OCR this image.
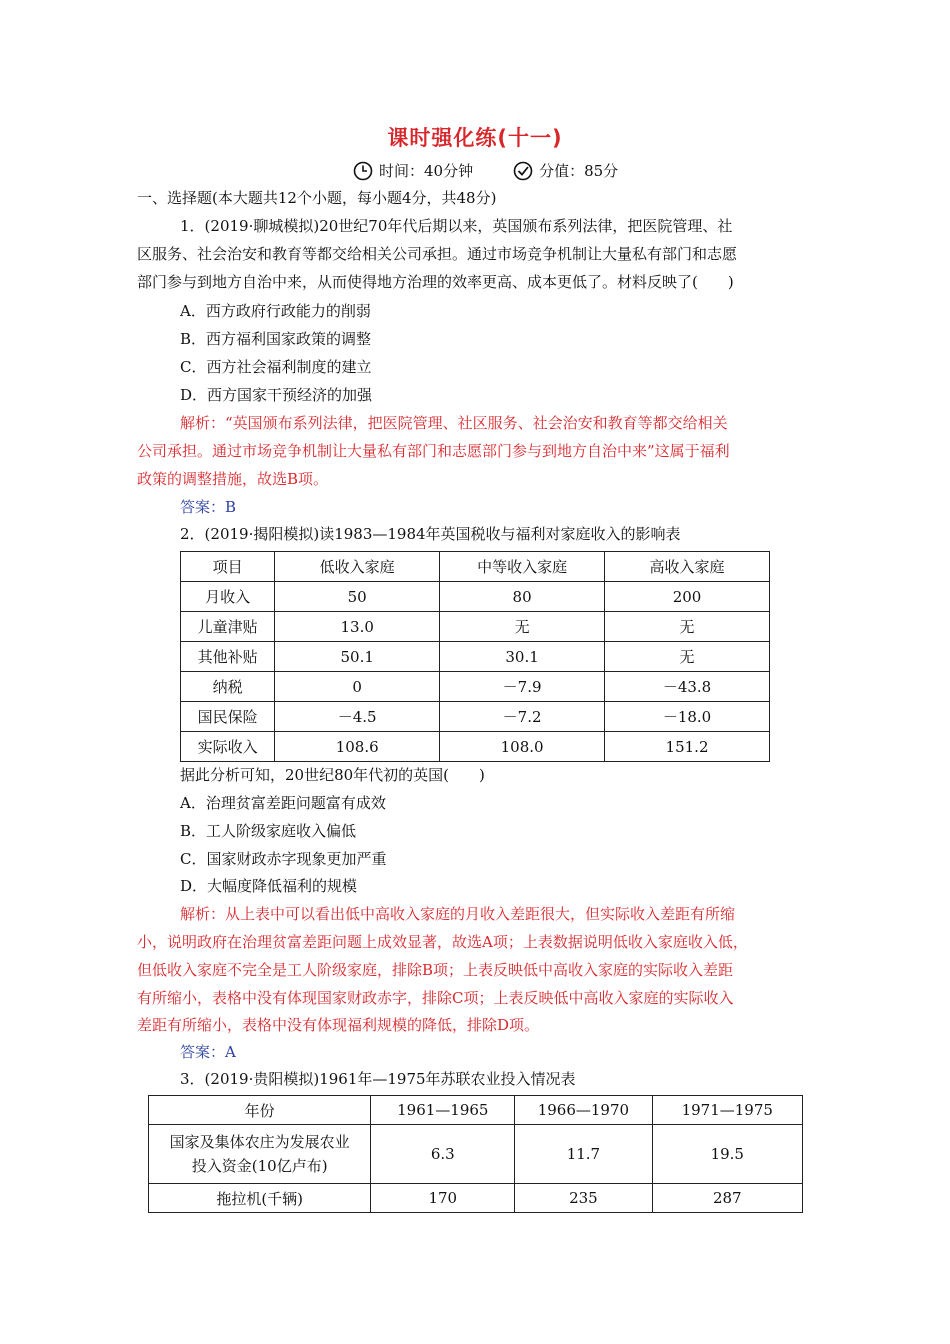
课时强化练(十一)
时间：40分钟	分值：85分
一、选择题(本大题共12个小题，每小题4分，共48分)
1．(2019·聊城模拟)20世纪70年代后期以来，英国颁布系列法律，把医院管理、社
区服务、社会治安和教育等都交给相关公司承担。通过市场竞争机制让大量私有部门和志愿
部门参与到地方自治中来，从而使得地方治理的效率更高、成本更低了。材料反映了(　　)
A．西方政府行政能力的削弱
B．西方福利国家政策的调整
C．西方社会福利制度的建立
D．西方国家干预经济的加强
解析：“英国颁布系列法律，把医院管理、社区服务、社会治安和教育等都交给相关
公司承担。通过市场竞争机制让大量私有部门和志愿部门参与到地方自治中来”这属于福利
政策的调整措施，故选B项。
答案：B
2．(2019·揭阳模拟)读1983—1984年英国税收与福利对家庭收入的影响表
项目	低收入家庭	中等收入家庭	高收入家庭
月收入	50	80	200
儿童津贴	13.0	无	无
其他补贴	50.1	30.1	无
纳税	0	－7.9	－43.8
国民保险	－4.5	－7.2	－18.0
实际收入	108.6	108.0	151.2
据此分析可知，20世纪80年代初的英国(　　)
A．治理贫富差距问题富有成效
B．工人阶级家庭收入偏低
C．国家财政赤字现象更加严重
D．大幅度降低福利的规模
解析：从上表中可以看出低中高收入家庭的月收入差距很大，但实际收入差距有所缩
小，说明政府在治理贫富差距问题上成效显著，故选A项；上表数据说明低收入家庭收入低，
但低收入家庭不完全是工人阶级家庭，排除B项；上表反映低中高收入家庭的实际收入差距
有所缩小，表格中没有体现国家财政赤字，排除C项；上表反映低中高收入家庭的实际收入
差距有所缩小，表格中没有体现福利规模的降低，排除D项。
答案：A
3．(2019·贵阳模拟)1961年—1975年苏联农业投入情况表
年份	1961—1965	1966—1970	1971—1975

国家及集体农庄为发展农业
投入资金(10亿卢布)	6.3	11.7	19.5
拖拉机(千辆)	170	235	287
